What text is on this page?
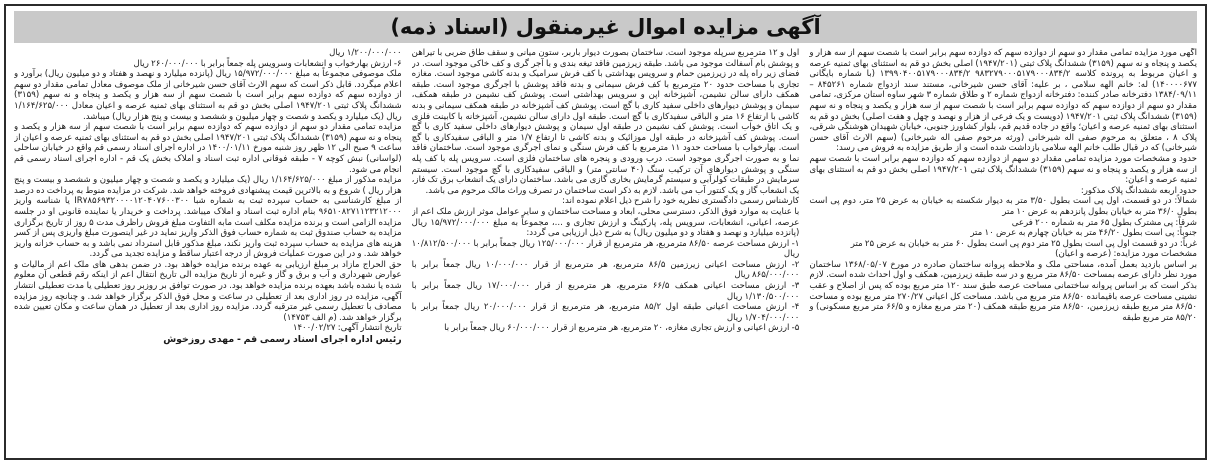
آگهی مزایده اموال غیرمنقول (اسناد ذمه)
آگهی مورد مزایده تمامی مقدار دو سهم از دوازده سهم که دوازده سهم برابر است با شصت سهم از سه هزار و یکصد و پنجاه و نه سهم (۳۱۵۹) ششدانگ پلاک ثبتی (۱۹۴۷/۲۰۱) اصلی بخش دو قم به استثنای بهای ثمنیه عرصه و اعیان مربوط به پرونده کلاسه ۹۸۳۲۷۹۰۰۰۵۱۷۹۰۰۰۸۳۴/۲ ۱۳۹۹۰۴۰۰۵۱۷۹۰۰۰۸۳۴/۲ (با شماره بایگانی ۱۴۰۰۰۰۶۷۷) له: خانم الهه سلامی ، بر علیه: آقای حسن شیرخانی، مستند سند ازدواج شماره ۸۴۵۲۶۱ – ۱۳۸۴/۰۹/۱۱ دفترخانه صادر کننده: دفترخانه ازدواج شماره ۲ و طلاق شماره ۳ شهر ساوه استان مرکزی، تمامی مقدار دو سهم از دوازده سهم که دوازده سهم برابر است با شصت سهم از سه هزار و یکصد و پنجاه و نه سهم (۳۱۵۹) ششدانگ پلاک ثبتی ۱۹۴۷/۲۰۱ (دویست و یک فرعی از هزار و نهصد و چهل و هفت اصلی) بخش دو قم به استثنای بهای ثمنیه عرصه و اعیان؛ واقع در جاده قدیم قم، بلوار کشاورز جنوبی، خیابان شهیدان هوشنگی شرقی، پلاک ۸ ، متعلق به مرحوم صفی اله شیرخانی (ورثه مرحوم صفی اله شیرخانی) (سهم الارث آقای حسن شیرخانی) که در قبال طلب خانم الهه سلامی بازداشت شده است و از طریق مزایده به فروش می رسد:
حدود و مشخصات مورد مزایده تمامی مقدار دو سهم از دوازده سهم که دوازده سهم برابر است با شصت سهم از سه هزار و یکصد و پنجاه و نه سهم (۳۱۵۹) ششدانگ پلاک ثبتی ۱۹۴۷/۲۰۱ اصلی بخش دو قم به استثنای بهای ثمنیه عرصه و اعیان:
حدود اربعه ششدانگ پلاک مذکور:
شمالاً: در دو قسمت، اول پی است بطول ۳/۵۰ متر به دیوار شکسته به خیابان به عرض ۲۵ متر، دوم پی است بطول ۳۶/۰ متر به خیابان بطول پانزدهم به عرض ۱۰ متر
شرقاً: پی مشترک بطول ۶۵ متر به شماره ۲۰۰ فرعی
جنوباً: پی است بطول ۴۶/۲۰ متر به خیابان چهارم به عرض ۱۰ متر
غرباً: در دو قسمت اول پی است بطول ۲۵ متر دوم پی است بطول ۶۰ متر به خیابان به عرض ۲۵ متر
مشخصات مورد مزایده: (عرصه و اعیان)
بر اساس بازدید بعمل آمده، مساحتی ملک و ملاحظه پروانه ساختمان صادره در مورخ ۱۳۶۸/۰۵/۰۷ ساختمان مورد نظر دارای عرصه بمساحت ۸۶/۵۰ متر مربع و در سه طبقه زیرزمین، همکف و اول احداث شده است. لازم بذکر است که بر اساس پروانه ساختمانی مساحت عرصه طبق سند ۱۲۰ متر مربع بوده که پس از اصلاح و عقب نشینی مساحت عرصه باقیمانده ۸۶/۵۰ متر مربع می باشد. مساحت کل اعیانی ۲۷۰/۲۷ متر مربع بوده و مساحت ۸۶/۵۰ متر مربع طبقه زیرزمین، ۸۶/۵۰ متر مربع طبقه همکف (۲۰ متر مربع مغازه و ۶۶/۵ متر مربع مسکونی) و ۸۵/۲۰ متر مربع طبقه
اول و ۱۲ مترمربع سرپله موجود است. ساختمان بصورت دیوار باربر، ستون میانی و سقف طاق ضربی با تیرآهن و پوشش بام آسفالت موجود می باشد. طبقه زیرزمین فاقد تیغه بندی و با آجر گری و کف خاکی موجود است. در فضای زیر راه پله در زیرزمین حمام و سرویس بهداشتی با کف فرش سرامیک و بدنه کاشی موجود است. مغازه تجاری با مساحت حدود ۲۰ مترمربع با کف فرش سیمانی و بدنه فاقد پوشش با اجرگری موجود است. طبقه همکف دارای سالن نشیمن، آشپزخانه اپن و سرویس بهداشتی است. پوشش کف نشیمن در طبقه همکف، سیمان و پوشش دیوارهای داخلی سفید کاری با گچ است. پوشش کف آشپزخانه در طبقه همکف سیمانی و بدنه کاشی با ارتفاع ۱۶ متر و الباقی سفیدکاری با گچ است. طبقه اول دارای سالن نشیمن، آشپزخانه با کابینت فلزی و یک اتاق خواب است. پوشش کف نشیمن در طبقه اول سیمان و پوشش دیوارهای داخلی سفید کاری با گچ است. پوشش کف آشپزخانه در طبقه اول موزائیک و بدنه کاشی تا ارتفاع ۱/۷ متر و الباقی سفیدکاری با گچ است. بهارخواب با مساحت حدود ۱۱ مترمربع با کف فرش سنگی و نمای اجرگری موجود است. ساختمان فاقد نما و به صورت اجرگری موجود است. درب ورودی و پنجره های ساختمان فلزی است. سرویس پله با کف پله سنگی و پوشش دیوارهای آن ترکیب سنگ (۴۰ سانتی متر) و الباقی سفیدکاری با گچ موجود است. سیستم سرمایش در طبقات کولرآبی و سیستم گرمایش بخاری گازی می باشد. ساختمان دارای یک انشعاب برق تک فاز، یک انشعاب گاز و یک کنتور آب می باشد. لازم به ذکر است ساختمان در تصرف وراث مالک مرحوم می باشد.
کارشناس رسمی دادگستری نظریه خود را شرح ذیل اعلام نموده اند:
با عنایت به موارد فوق الذکر، دسترسی محلی، ابعاد و مساحت ساختمان و سایر عوامل موثر ارزش ملک اعم از عرصه، اعیانی، انشعابات، سرویس پله، پارکینگ و ارزش تجاری و ...، مجموعاً به مبلغ ۱۵/۹۷۲/۰۰۰/۰۰۰ ریال (پانزده میلیارد و نهصد و هفتاد و دو میلیون ریال) به شرح ذیل ارزیابی می گردد:
۱- ارزش مساحت عرصه ۸۶/۵۰ مترمربع، هر مترمربع از قرار ۱۲۵/۰۰۰/۰۰۰ ریال جمعاً برابر با ۱۰/۸۱۲/۵۰۰/۰۰۰ ریال
۲- ارزش مساحت اعیانی زیرزمین ۸۶/۵ مترمربع، هر مترمربع از قرار ۱۰/۰۰۰/۰۰۰ ریال جمعاً برابر با ۸۶۵/۰۰۰/۰۰۰ ریال
۳- ارزش مساحت اعیانی همکف ۶۶/۵ مترمربع، هر مترمربع از قرار ۱۷/۰۰۰/۰۰۰ ریال جمعاً برابر با ۱/۱۳۰/۵۰۰/۰۰۰ ریال
۴- ارزش مساحت اعیانی طبقه اول ۸۵/۲ مترمربع، هر مترمربع از قرار ۲۰/۰۰۰/۰۰۰ ریال جمعاً برابر با ۱/۷۰۴/۰۰۰/۰۰۰ ریال
۵- ارزش اعیانی و ارزش تجاری مغازه، ۲۰ مترمربع، هر مترمربع از قرار ۶۰/۰۰۰/۰۰۰ ریال جمعاً برابر با
۱/۲۰۰/۰۰۰/۰۰۰ ریال
۶- ارزش بهارخواب و انشعابات وسرویس پله جمعاً برابر با ۲۶۰/۰۰۰/۰۰۰ ریال
ملک موصوفی مجموعاً به مبلغ ۱۵/۹۷۲/۰۰۰/۰۰۰ ریال (پانزده میلیارد و نهصد و هفتاد و دو میلیون ریال) برآورد و اعلام میگردد. قابل ذکر است که سهم الارث آقای حسن شیرخانی از ملک موصوف معادل تمامی مقدار دو سهم از دوازده سهم که دوازده سهم برابر است با شصت سهم از سه هزار و یکصد و پنجاه و نه سهم (۳۱۵۹) ششدانگ پلاک ثبتی ۱۹۴۷/۲۰۱ اصلی بخش دو قم به استثنای بهای ثمنیه عرصه و اعیان معادل ۱/۱۶۴/۶۲۵/۰۰۰ ریال (یک میلیارد و یکصد و شصت و چهار میلیون و ششصد و بیست و پنج هزار ریال) میباشد.
مزایده تمامی مقدار دو سهم از دوازده سهم که دوازده سهم برابر است با شصت سهم از سه هزار و یکصد و پنجاه و نه سهم (۳۱۵۹) ششدانگ پلاک ثبتی ۱۹۴۷/۲۰۱ اصلی بخش دو قم به استثنای بهای ثمنیه عرصه و اعیان از ساعت ۹ صبح الی ۱۲ ظهر روز شنبه مورخ ۱۴۰۰/۰۱/۱۱ در اداره اجرای اسناد رسمی قم واقع در خیابان ساحلی (لواسانی) نبش کوچه ۷ - طبقه فوقانی اداره ثبت اسناد و املاک بخش یک قم - اداره اجرای اسناد رسمی قم انجام می شود.
مزایده مذکور از مبلغ ۱/۱۶۴/۶۲۵/۰۰۰ ریال (یک میلیارد و یکصد و شصت و چهار میلیون و ششصد و بیست و پنج هزار ریال ) شروع و به بالاترین قیمت پیشنهادی فروخته خواهد شد. شرکت در مزایده منوط به پرداخت ده درصد از مبلغ کارشناسی به حساب سپرده ثبت به شماره شبا IR۷۸۵۶۹۳۲۰۰۰۰۱۲۰۴۰۷۶۰۰۳۰۰ یا شناسه واریز ۹۶۵۱۰۸۲۷۱۱۲۳۲۱۲۰۰۰ بنام اداره ثبت اسناد و املاک میباشد. پرداخت و خریدار یا نماینده قانونی او در جلسه مزایده الزامی است و برنده مزایده مکلف است مابه التفاوت مبلغ فروش راظرف مدت ۵ روز از تاریخ برگزاری مزایده به حساب صندوق ثبت به شماره حساب فوق الذکر واریز نماید در غیر اینصورت مبلغ واریزی پس از کسر هزینه های مزایده به حساب سپرده ثبت واریز نکند، مبلغ مذکور قابل استرداد نمی باشد و به حساب خزانه واریز خواهد شد. و در این صورت عملیات فروش از درجه اعتبار ساقط و مزایده تجدید می گردد.
حق الحراج مازاد بر مبلغ ارزیابی به عهده برنده مزایده خواهد بود. در ضمن بدهی های ملک اعم از مالیات و عوارض شهرداری و آب و برق و گاز و غیره از تاریخ مزایده الی تاریخ انتقال اعم از اینکه رقم قطعی آن معلوم شده یا نشده باشد بعهده برنده مزایده خواهد بود. در صورت توافق بر روزبر روز تعطیلی یا مدت تعطیلی انتشار آگهی، مزایده در روز اداری بعد از تعطیلی در ساعت و محل فوق الذکر برگزار خواهد شد. و چنانچه روز مزایده مصادف با تعطیل رسمی غیر مترقبه گردد. مزایده روز اداری بعد از تعطیل در همان ساعت و مکان تعیین شده برگزار خواهد شد. (م الف ۱۴۷۵۳)
تاریخ انتشار آگهی: ۱۴۰۰/۰۲/۲۷
رئیس اداره اجرای اسناد رسمی قم - مهدی روزخوش
